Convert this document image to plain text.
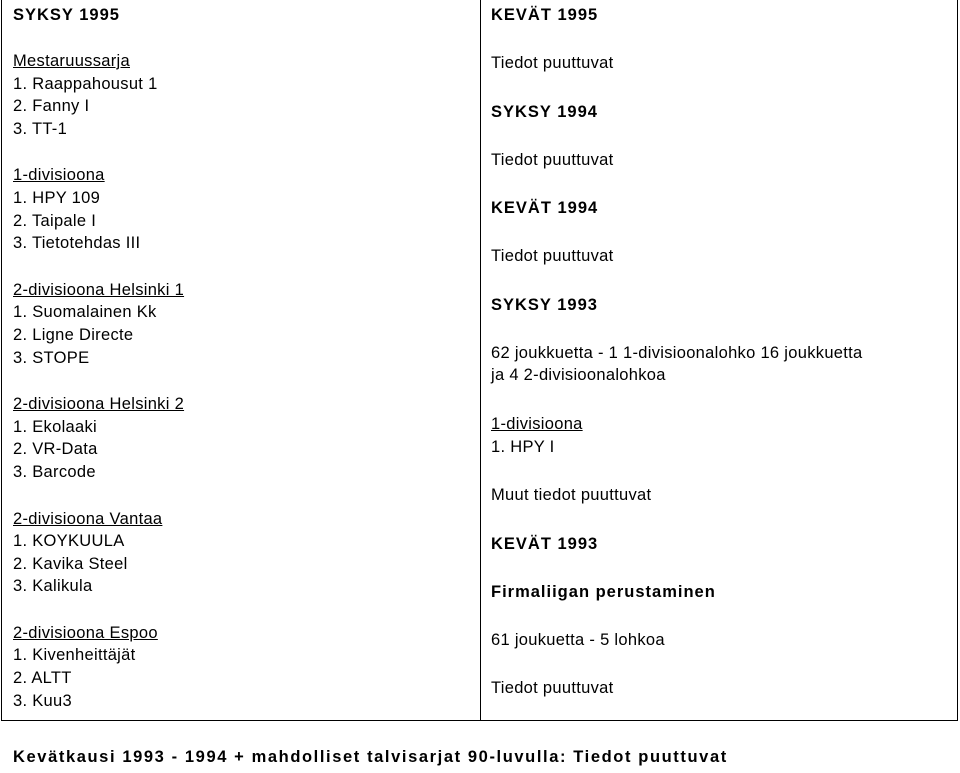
SYKSY 1995
Mestaruussarja
1. Raappahousut 1
2. Fanny I
3. TT-1
1-divisioona
1. HPY 109
2. Taipale I
3. Tietotehdas III
2-divisioona Helsinki 1
1. Suomalainen Kk
2. Ligne Directe
3. STOPE
2-divisioona Helsinki 2
1. Ekolaaki
2. VR-Data
3. Barcode
2-divisioona Vantaa
1. KOYKUULA
2. Kavika Steel
3. Kalikula
2-divisioona Espoo
1. Kivenheittäjät
2. ALTT
3. Kuu3
KEVÄT 1995
Tiedot puuttuvat
SYKSY 1994
Tiedot puuttuvat
KEVÄT 1994
Tiedot puuttuvat
SYKSY 1993
62 joukkuetta - 1 1-divisioonalohko 16 joukkuetta
ja 4 2-divisioonalohkoa
1-divisioona
1. HPY I
Muut tiedot puuttuvat
KEVÄT 1993
Firmaliigan perustaminen
61 joukuetta - 5 lohkoa
Tiedot puuttuvat
Kevätkausi 1993 - 1994 + mahdolliset talvisarjat 90-luvulla: Tiedot puuttuvat
